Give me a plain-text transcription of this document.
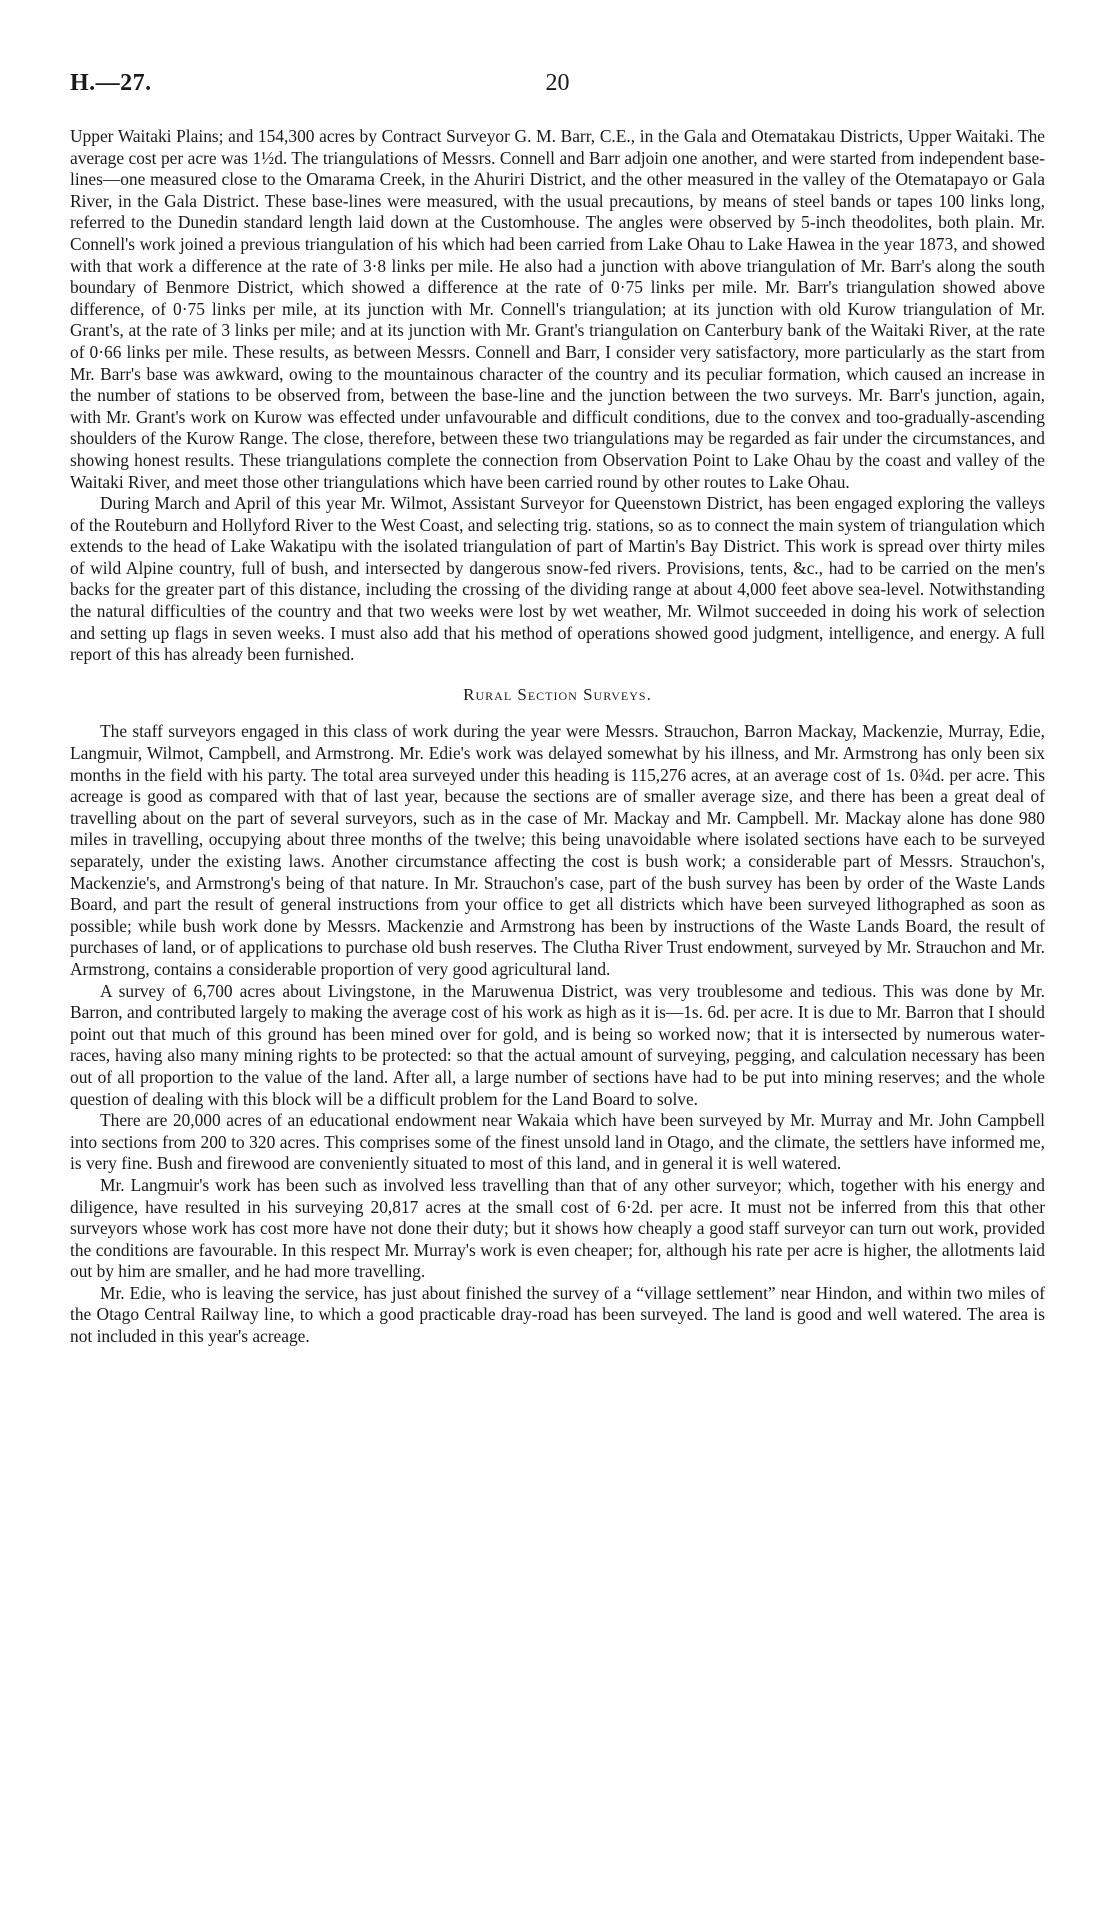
H.—27.	20

Upper Waitaki Plains; and 154,300 acres by Contract Surveyor G. M. Barr, C.E., in the Gala and Otematakau Districts, Upper Waitaki. The average cost per acre was 1½d. The triangulations of Messrs. Connell and Barr adjoin one another, and were started from independent base-lines—one measured close to the Omarama Creek, in the Ahuriri District, and the other measured in the valley of the Otematapayo or Gala River, in the Gala District. These base-lines were measured, with the usual precautions, by means of steel bands or tapes 100 links long, referred to the Dunedin standard length laid down at the Customhouse. The angles were observed by 5-inch theodolites, both plain. Mr. Connell's work joined a previous triangulation of his which had been carried from Lake Ohau to Lake Hawea in the year 1873, and showed with that work a difference at the rate of 3·8 links per mile. He also had a junction with above triangulation of Mr. Barr's along the south boundary of Benmore District, which showed a difference at the rate of 0·75 links per mile. Mr. Barr's triangulation showed above difference, of 0·75 links per mile, at its junction with Mr. Connell's triangulation; at its junction with old Kurow triangulation of Mr. Grant's, at the rate of 3 links per mile; and at its junction with Mr. Grant's triangulation on Canterbury bank of the Waitaki River, at the rate of 0·66 links per mile. These results, as between Messrs. Connell and Barr, I consider very satisfactory, more particularly as the start from Mr. Barr's base was awkward, owing to the mountainous character of the country and its peculiar formation, which caused an increase in the number of stations to be observed from, between the base-line and the junction between the two surveys. Mr. Barr's junction, again, with Mr. Grant's work on Kurow was effected under unfavourable and difficult conditions, due to the convex and too-gradually-ascending shoulders of the Kurow Range. The close, therefore, between these two triangulations may be regarded as fair under the circumstances, and showing honest results. These triangulations complete the connection from Observation Point to Lake Ohau by the coast and valley of the Waitaki River, and meet those other triangulations which have been carried round by other routes to Lake Ohau.

During March and April of this year Mr. Wilmot, Assistant Surveyor for Queenstown District, has been engaged exploring the valleys of the Routeburn and Hollyford River to the West Coast, and selecting trig. stations, so as to connect the main system of triangulation which extends to the head of Lake Wakatipu with the isolated triangulation of part of Martin's Bay District. This work is spread over thirty miles of wild Alpine country, full of bush, and intersected by dangerous snow-fed rivers. Provisions, tents, &c., had to be carried on the men's backs for the greater part of this distance, including the crossing of the dividing range at about 4,000 feet above sea-level. Notwithstanding the natural difficulties of the country and that two weeks were lost by wet weather, Mr. Wilmot succeeded in doing his work of selection and setting up flags in seven weeks. I must also add that his method of operations showed good judgment, intelligence, and energy. A full report of this has already been furnished.

Rural Section Surveys.

The staff surveyors engaged in this class of work during the year were Messrs. Strauchon, Barron Mackay, Mackenzie, Murray, Edie, Langmuir, Wilmot, Campbell, and Armstrong. Mr. Edie's work was delayed somewhat by his illness, and Mr. Armstrong has only been six months in the field with his party. The total area surveyed under this heading is 115,276 acres, at an average cost of 1s. 0¾d. per acre. This acreage is good as compared with that of last year, because the sections are of smaller average size, and there has been a great deal of travelling about on the part of several surveyors, such as in the case of Mr. Mackay and Mr. Campbell. Mr. Mackay alone has done 980 miles in travelling, occupying about three months of the twelve; this being unavoidable where isolated sections have each to be surveyed separately, under the existing laws. Another circumstance affecting the cost is bush work; a considerable part of Messrs. Strauchon's, Mackenzie's, and Armstrong's being of that nature. In Mr. Strauchon's case, part of the bush survey has been by order of the Waste Lands Board, and part the result of general instructions from your office to get all districts which have been surveyed lithographed as soon as possible; while bush work done by Messrs. Mackenzie and Armstrong has been by instructions of the Waste Lands Board, the result of purchases of land, or of applications to purchase old bush reserves. The Clutha River Trust endowment, surveyed by Mr. Strauchon and Mr. Armstrong, contains a considerable proportion of very good agricultural land.

A survey of 6,700 acres about Livingstone, in the Maruwenua District, was very troublesome and tedious. This was done by Mr. Barron, and contributed largely to making the average cost of his work as high as it is—1s. 6d. per acre. It is due to Mr. Barron that I should point out that much of this ground has been mined over for gold, and is being so worked now; that it is intersected by numerous water-races, having also many mining rights to be protected: so that the actual amount of surveying, pegging, and calculation necessary has been out of all proportion to the value of the land. After all, a large number of sections have had to be put into mining reserves; and the whole question of dealing with this block will be a difficult problem for the Land Board to solve.

There are 20,000 acres of an educational endowment near Wakaia which have been surveyed by Mr. Murray and Mr. John Campbell into sections from 200 to 320 acres. This comprises some of the finest unsold land in Otago, and the climate, the settlers have informed me, is very fine. Bush and firewood are conveniently situated to most of this land, and in general it is well watered.

Mr. Langmuir's work has been such as involved less travelling than that of any other surveyor; which, together with his energy and diligence, have resulted in his surveying 20,817 acres at the small cost of 6·2d. per acre. It must not be inferred from this that other surveyors whose work has cost more have not done their duty; but it shows how cheaply a good staff surveyor can turn out work, provided the conditions are favourable. In this respect Mr. Murray's work is even cheaper; for, although his rate per acre is higher, the allotments laid out by him are smaller, and he had more travelling.

Mr. Edie, who is leaving the service, has just about finished the survey of a “village settlement” near Hindon, and within two miles of the Otago Central Railway line, to which a good practicable dray-road has been surveyed. The land is good and well watered. The area is not included in this year's acreage.
